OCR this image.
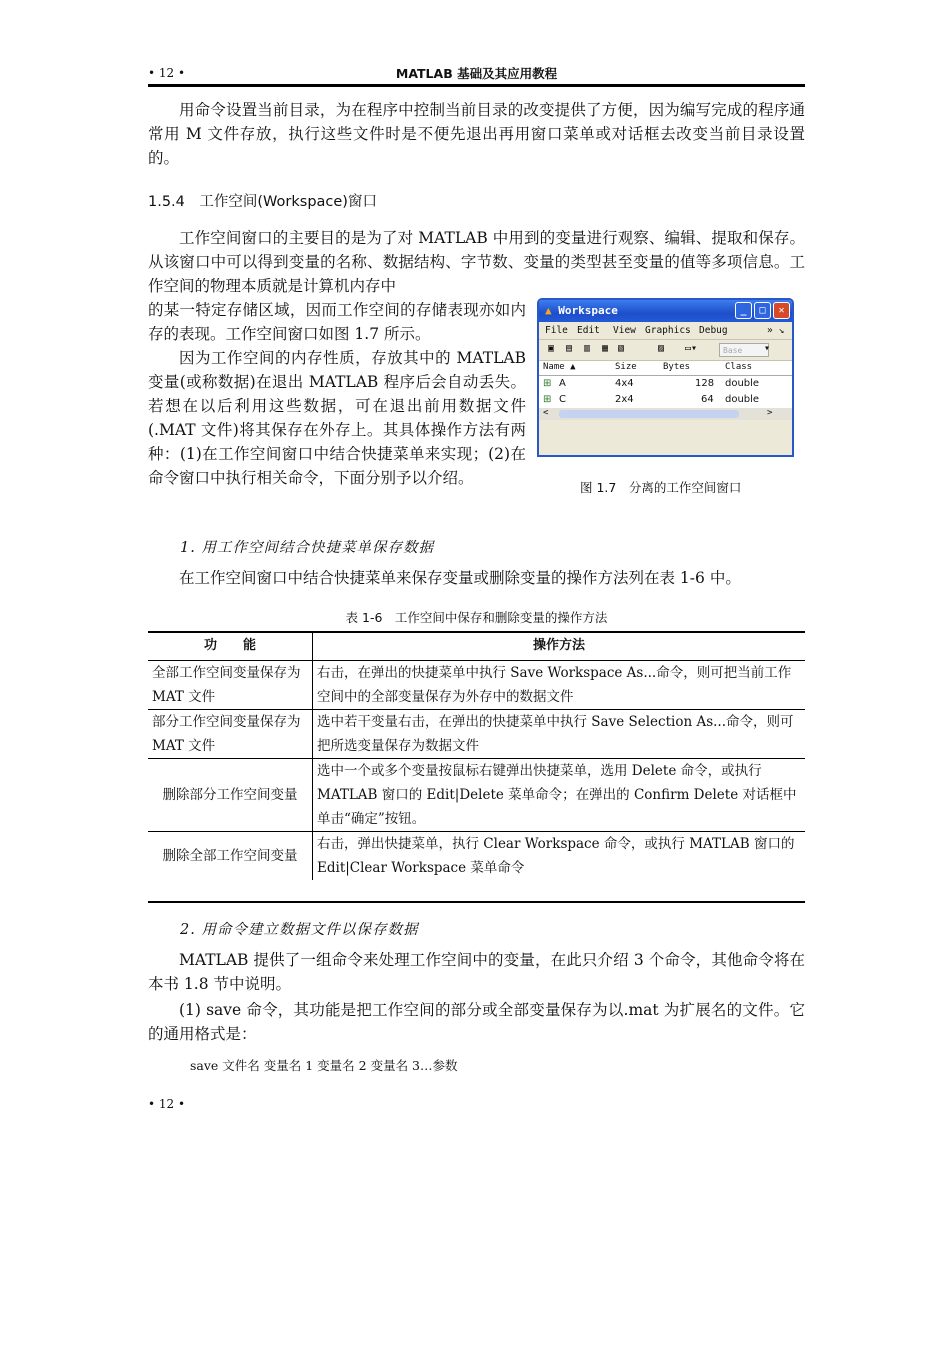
• 12 •	MATLAB 基础及其应用教程

用命令设置当前目录，为在程序中控制当前目录的改变提供了方便，因为编写完成的程序通常用 M 文件存放，执行这些文件时是不便先退出再用窗口菜单或对话框去改变当前目录设置的。

1.5.4　工作空间(Workspace)窗口

工作空间窗口的主要目的是为了对 MATLAB 中用到的变量进行观察、编辑、提取和保存。从该窗口中可以得到变量的名称、数据结构、字节数、变量的类型甚至变量的值等多项信息。工作空间的物理本质就是计算机内存中

的某一特定存储区域，因而工作空间的存储表现亦如内存的表现。工作空间窗口如图 1.7 所示。

因为工作空间的内存性质，存放其中的 MATLAB 变量(或称数据)在退出 MATLAB 程序后会自动丢失。若想在以后利用这些数据，可在退出前用数据文件(.MAT 文件)将其保存在外存上。其具体操作方法有两种：(1)在工作空间窗口中结合快捷菜单来实现；(2)在命令窗口中执行相关命令，下面分别予以介绍。

▲ Workspace	_	□	✕
File Edit View Graphics Debug	» ↘
▣ ▤ ▥ ▦ ▧	▨	▭▾	Base	▾
Name ▲	Size	Bytes	Class
⊞ A	4x4	128 double
⊞ C	2x4	64 double
<	>
图 1.7　分离的工作空间窗口
1. 用工作空间结合快捷菜单保存数据

在工作空间窗口中结合快捷菜单来保存变量或删除变量的操作方法列在表 1-6 中。

表 1-6　工作空间中保存和删除变量的操作方法
功　　能	操作方法
全部工作空间变量保存为 MAT 文件	右击，在弹出的快捷菜单中执行 Save Workspace As...命令，则可把当前工作空间中的全部变量保存为外存中的数据文件
部分工作空间变量保存为 MAT 文件	选中若干变量右击，在弹出的快捷菜单中执行 Save Selection As...命令，则可把所选变量保存为数据文件
删除部分工作空间变量	选中一个或多个变量按鼠标右键弹出快捷菜单，选用 Delete 命令，或执行 MATLAB 窗口的 Edit|Delete 菜单命令；在弹出的 Confirm Delete 对话框中单击“确定”按钮。
删除全部工作空间变量	右击，弹出快捷菜单，执行 Clear Workspace 命令，或执行 MATLAB 窗口的 Edit|Clear Workspace 菜单命令
2. 用命令建立数据文件以保存数据

MATLAB 提供了一组命令来处理工作空间中的变量，在此只介绍 3 个命令，其他命令将在本书 1.8 节中说明。

(1) save 命令，其功能是把工作空间的部分或全部变量保存为以.mat 为扩展名的文件。它的通用格式是：

save 文件名 变量名 1 变量名 2 变量名 3…参数
• 12 •
